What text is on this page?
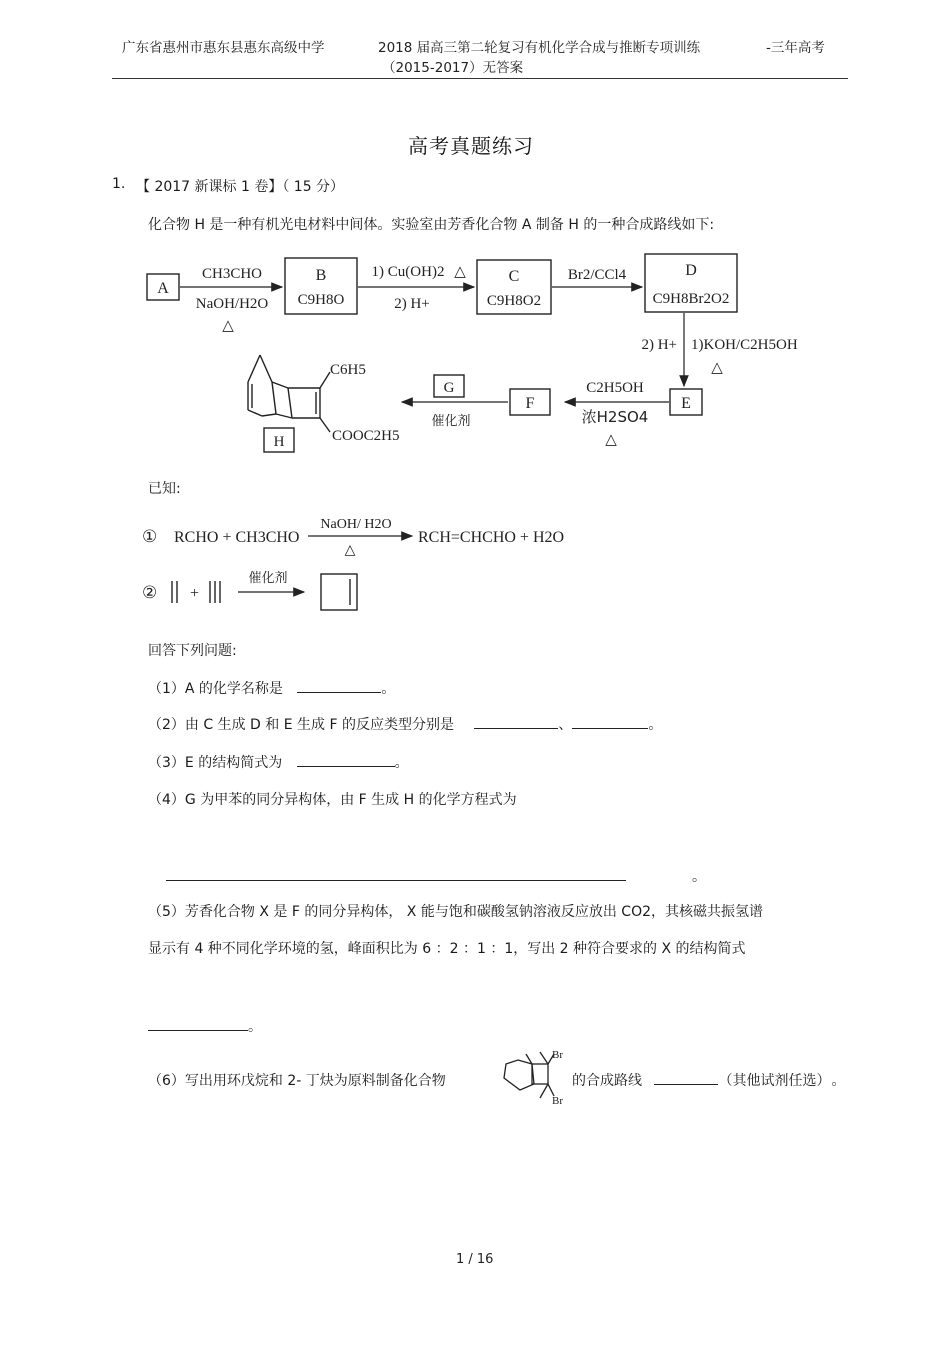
广东省惠州市惠东县惠东高级中学	2018 届高三第二轮复习有机化学合成与推断专项训练	-三年高考
（2015-2017）无答案
高考真题练习
1. 【 2017 新课标 1 卷】（ 15 分）
化合物 H 是一种有机光电材料中间体。实验室由芳香化合物 A 制备 H 的一种合成路线如下:
A
CH3CHO
NaOH/H2O
△
B
C9H8O
1) Cu(OH)2 △
2) H+
C
C9H8O2
Br2/CCl4	D
C9H8Br2O2
2) H+ 1)KOH/C2H5OH
△
E
C2H5OH
浓H2SO4
△
F
G
催化剂
C6H5
COOC2H5
H
已知:
① RCHO + CH3CHO
NaOH/ H2O
△
RCH=CHCHO + H2O
② +
催化剂
回答下列问题:
（1）A 的化学名称是	。
（2）由 C 生成 D 和 E 生成 F 的反应类型分别是	、	。
（3）E 的结构简式为	。
（4）G 为甲苯的同分异构体，由 F 生成 H 的化学方程式为
。
（5）芳香化合物 X 是 F 的同分异构体， X 能与饱和碳酸氢钠溶液反应放出 CO2，其核磁共振氢谱
显示有 4 种不同化学环境的氢，峰面积比为 6 ：2 ：1 ：1，写出 2 种符合要求的 X 的结构简式
。
（6）写出用环戊烷和 2- 丁炔为原料制备化合物
Br
Br
的合成路线	（其他试剂任选） 。
1 / 16
